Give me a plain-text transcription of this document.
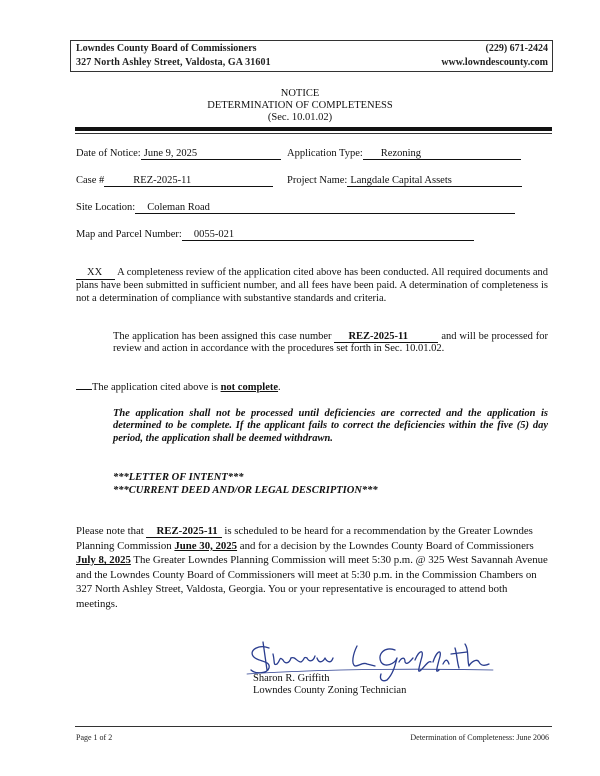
Lowndes County Board of Commissioners	(229) 671-2424
327 North Ashley Street, Valdosta, GA 31601	www.lowndescounty.com
NOTICE
DETERMINATION OF COMPLETENESS
(Sec. 10.01.02)
Date of Notice: June 9, 2025	Application Type: Rezoning
Case #	REZ-2025-11	Project Name: Langdale Capital Assets
Site Location: Coleman Road
Map and Parcel Number: 0055-021
XX A completeness review of the application cited above has been conducted. All required documents and plans have been submitted in sufficient number, and all fees have been paid. A determination of completeness is not a determination of compliance with substantive standards and criteria.
The application has been assigned this case number REZ-2025-11	and will be processed for review and action in accordance with the procedures set forth in Sec. 10.01.02.
The application cited above is not complete.
The application shall not be processed until deficiencies are corrected and the application is determined to be complete. If the applicant fails to correct the deficiencies within the five (5) day period, the application shall be deemed withdrawn.
***LETTER OF INTENT***
***CURRENT DEED AND/OR LEGAL DESCRIPTION***
Please note that REZ-2025-11 is scheduled to be heard for a recommendation by the Greater Lowndes Planning Commission June 30, 2025 and for a decision by the Lowndes County Board of Commissioners July 8, 2025 The Greater Lowndes Planning Commission will meet 5:30 p.m. @ 325 West Savannah Avenue and the Lowndes County Board of Commissioners will meet at 5:30 p.m. in the Commission Chambers on 327 North Ashley Street, Valdosta, Georgia. You or your representative is encouraged to attend both meetings.
Sharon R. Griffith
Lowndes County Zoning Technician
Page 1 of 2	Determination of Completeness: June 2006
